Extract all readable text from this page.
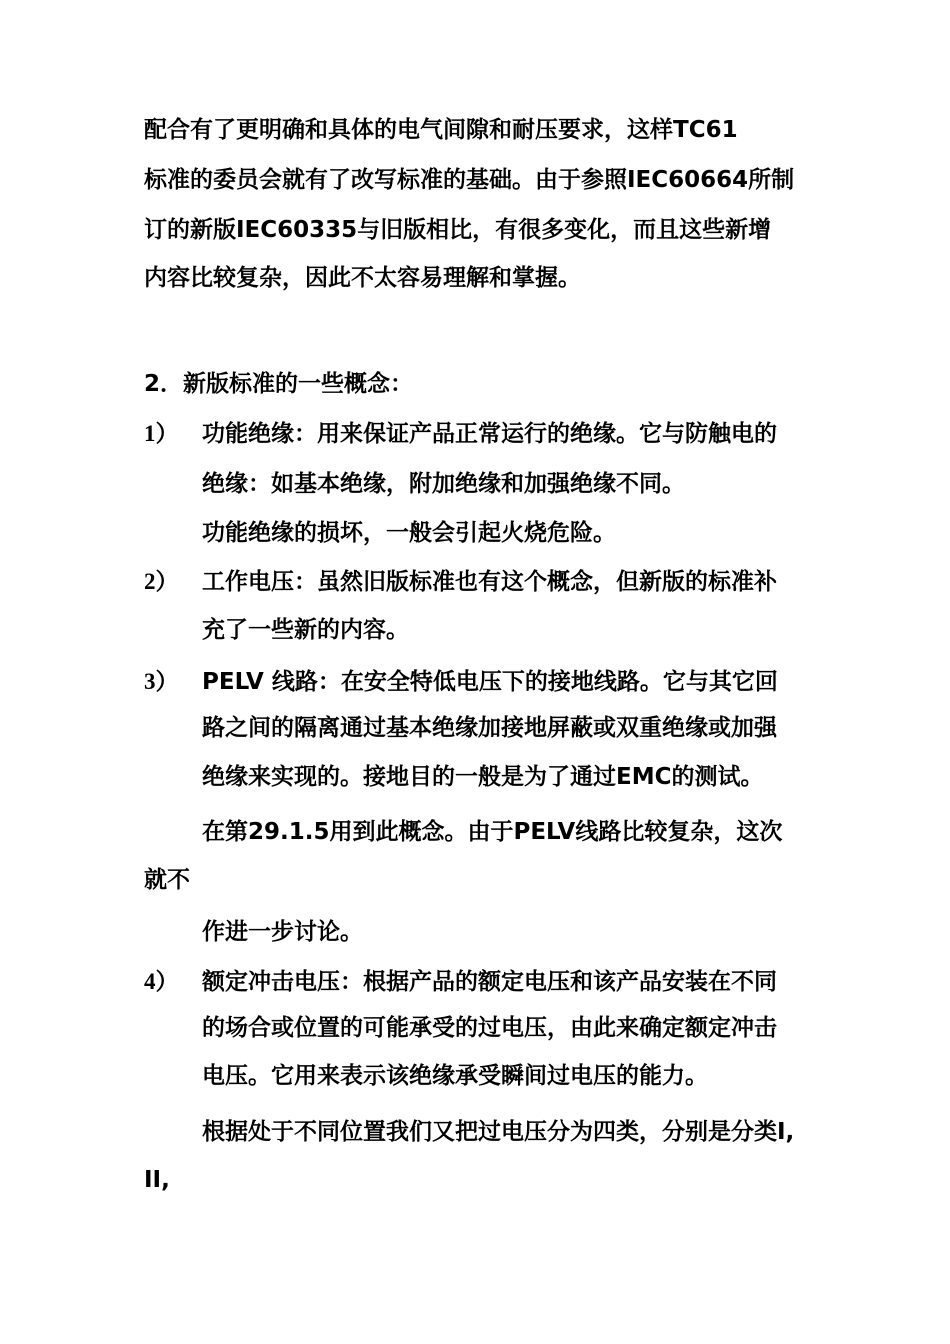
配合有了更明确和具体的电气间隙和耐压要求，这样TC61
标准的委员会就有了改写标准的基础。由于参照IEC60664所制
订的新版IEC60335与旧版相比，有很多变化，而且这些新增
内容比较复杂，因此不太容易理解和掌握。
2．新版标准的一些概念：
1） 功能绝缘：用来保证产品正常运行的绝缘。它与防触电的
绝缘：如基本绝缘，附加绝缘和加强绝缘不同。
功能绝缘的损坏，一般会引起火烧危险。
2） 工作电压：虽然旧版标准也有这个概念，但新版的标准补
充了一些新的内容。
3） PELV 线路：在安全特低电压下的接地线路。它与其它回
路之间的隔离通过基本绝缘加接地屏蔽或双重绝缘或加强
绝缘来实现的。接地目的一般是为了通过EMC的测试。
在第29.1.5用到此概念。由于PELV线路比较复杂，这次
就不
作进一步讨论。
4） 额定冲击电压：根据产品的额定电压和该产品安装在不同
的场合或位置的可能承受的过电压，由此来确定额定冲击
电压。它用来表示该绝缘承受瞬间过电压的能力。
根据处于不同位置我们又把过电压分为四类，分别是分类I,
II,
